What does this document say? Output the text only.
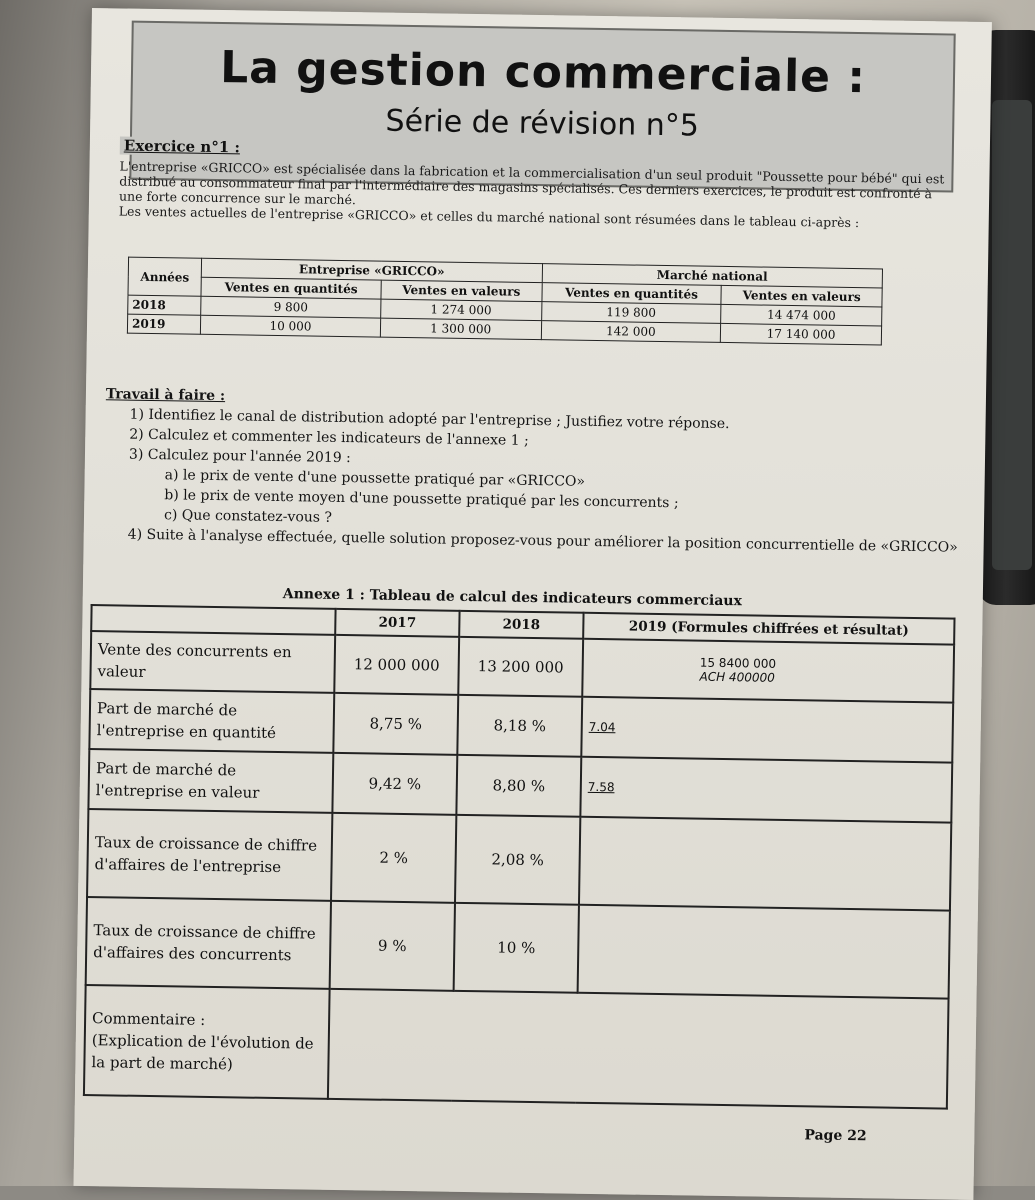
La gestion commerciale :
Série de révision n°5
Exercice n°1 :
L'entreprise «GRICCO» est spécialisée dans la fabrication et la commercialisation d'un seul produit "Poussette pour bébé" qui est distribué au consommateur final par l'intermédiaire des magasins spécialisés. Ces derniers exercices, le produit est confronté à une forte concurrence sur le marché.
Les ventes actuelles de l'entreprise «GRICCO» et celles du marché national sont résumées dans le tableau ci-après :
Années	Entreprise «GRICCO»		Marché national	
	Ventes en quantités	Ventes en valeurs	Ventes en quantités	Ventes en valeurs
2018	9 800	1 274 000	119 800	14 474 000
2019	10 000	1 300 000	142 000	17 140 000
Travail à faire :
1) Identifiez le canal de distribution adopté par l'entreprise ; Justifiez votre réponse.
2) Calculez et commenter les indicateurs de l'annexe 1 ;
3) Calculez pour l'année 2019 :
a) le prix de vente d'une poussette pratiqué par «GRICCO»
b) le prix de vente moyen d'une poussette pratiqué par les concurrents ;
c) Que constatez-vous ?
4) Suite à l'analyse effectuée, quelle solution proposez-vous pour améliorer la position concurrentielle de «GRICCO»
Annexe 1 : Tableau de calcul des indicateurs commerciaux
	2017	2018	2019 (Formules chiffrées et résultat)
Vente des concurrents en valeur	12 000 000	13 200 000	15 8400 000
ACH 400000

Part de marché de l'entreprise en quantité	8,75 %	8,18 %	7.04
Part de marché de l'entreprise en valeur	9,42 %	8,80 %	7.58
Taux de croissance de chiffre d'affaires de l'entreprise	2 %	2,08 %	
Taux de croissance de chiffre d'affaires des concurrents	9 %	10 %	

Commentaire :
(Explication de l'évolution de la part de marché)			

Page 22
